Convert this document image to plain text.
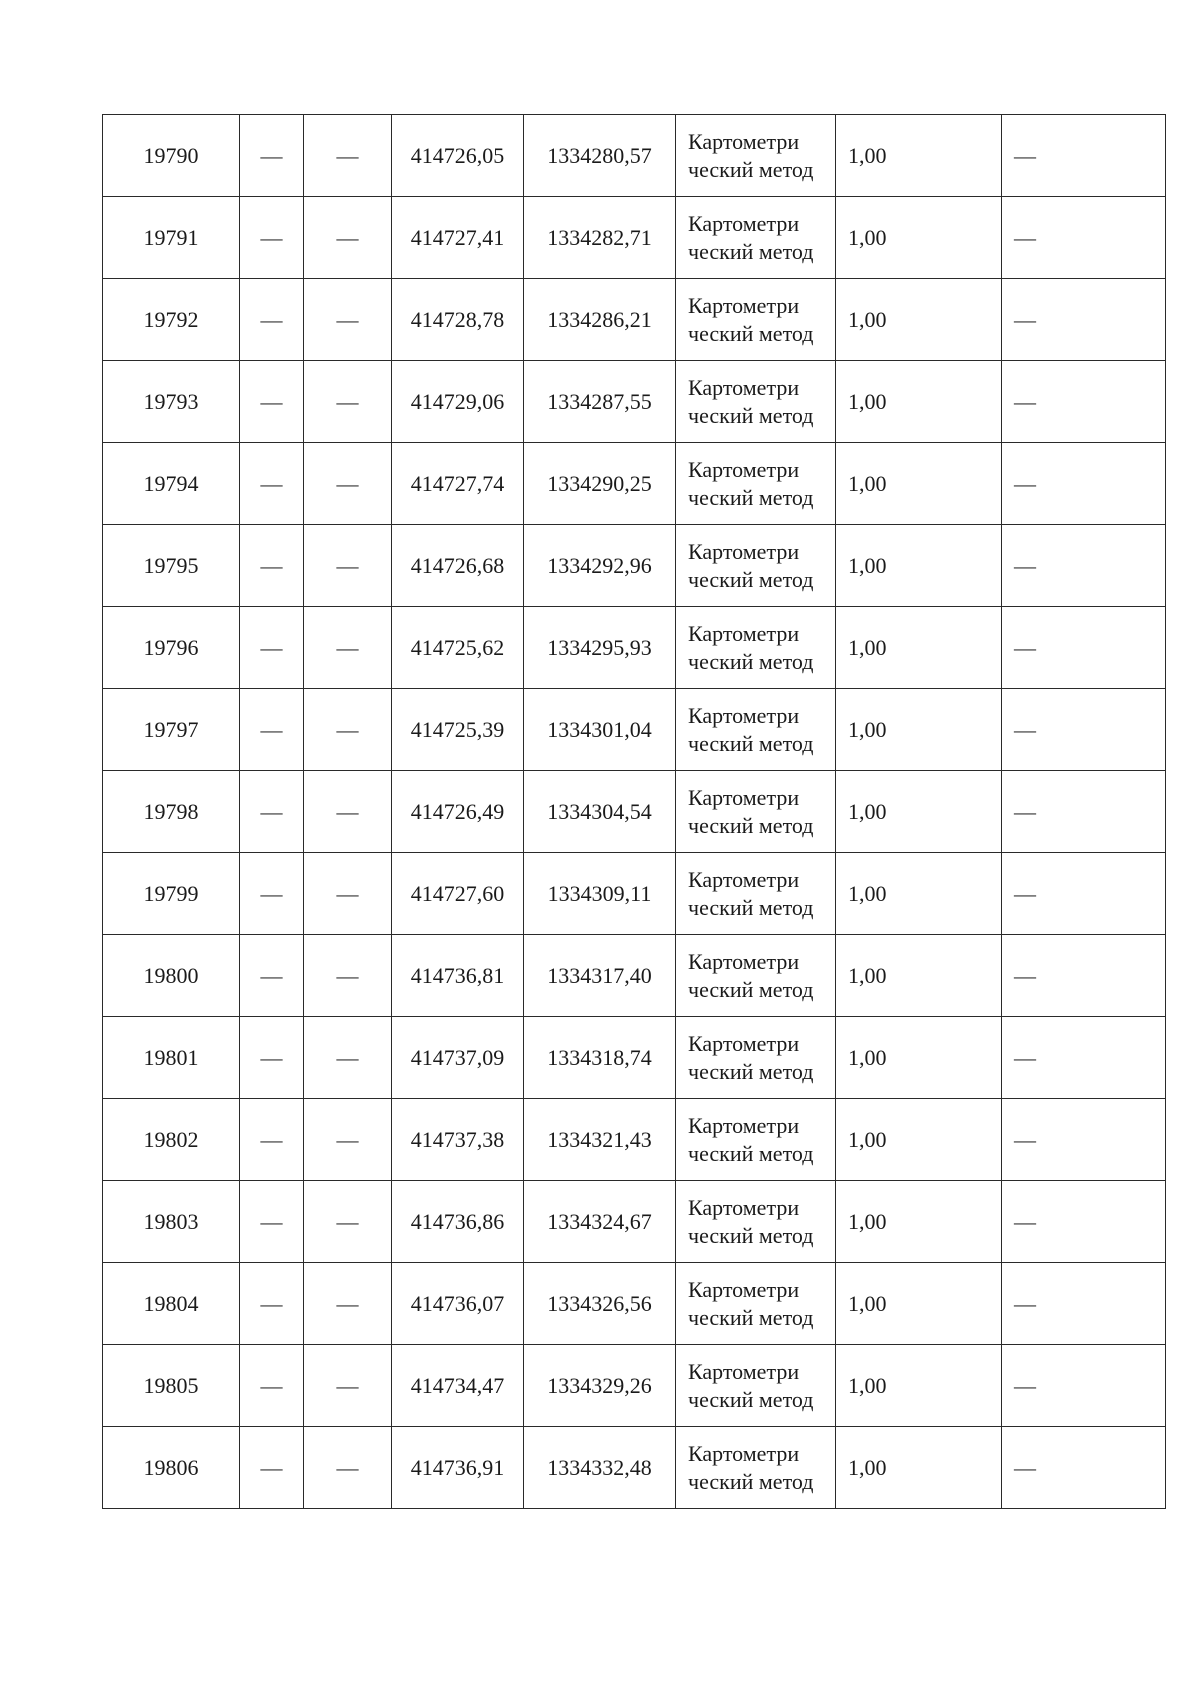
19790	—	—	414726,05	1334280,57	Картометри ческий метод	1,00	—
19791	—	—	414727,41	1334282,71	Картометри ческий метод	1,00	—
19792	—	—	414728,78	1334286,21	Картометри ческий метод	1,00	—
19793	—	—	414729,06	1334287,55	Картометри ческий метод	1,00	—
19794	—	—	414727,74	1334290,25	Картометри ческий метод	1,00	—
19795	—	—	414726,68	1334292,96	Картометри ческий метод	1,00	—
19796	—	—	414725,62	1334295,93	Картометри ческий метод	1,00	—
19797	—	—	414725,39	1334301,04	Картометри ческий метод	1,00	—
19798	—	—	414726,49	1334304,54	Картометри ческий метод	1,00	—
19799	—	—	414727,60	1334309,11	Картометри ческий метод	1,00	—
19800	—	—	414736,81	1334317,40	Картометри ческий метод	1,00	—
19801	—	—	414737,09	1334318,74	Картометри ческий метод	1,00	—
19802	—	—	414737,38	1334321,43	Картометри ческий метод	1,00	—
19803	—	—	414736,86	1334324,67	Картометри ческий метод	1,00	—
19804	—	—	414736,07	1334326,56	Картометри ческий метод	1,00	—
19805	—	—	414734,47	1334329,26	Картометри ческий метод	1,00	—
19806	—	—	414736,91	1334332,48	Картометри ческий метод	1,00	—
